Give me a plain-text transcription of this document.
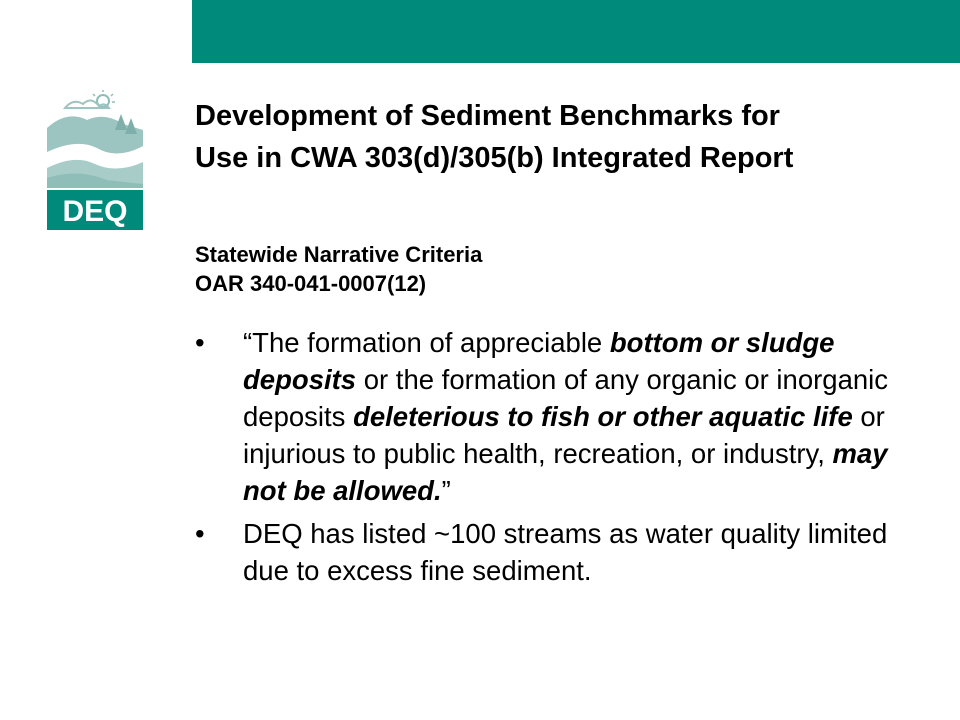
DEQ
Development of Sediment Benchmarks for
Use in CWA 303(d)/305(b) Integrated Report
Statewide Narrative Criteria
OAR 340-041-0007(12)
• “The formation of appreciable bottom or sludge deposits or the formation of any organic or inorganic deposits deleterious to fish or other aquatic life or injurious to public health, recreation, or industry, may not be allowed.”
• DEQ has listed ~100 streams as water quality limited due to excess fine sediment.
